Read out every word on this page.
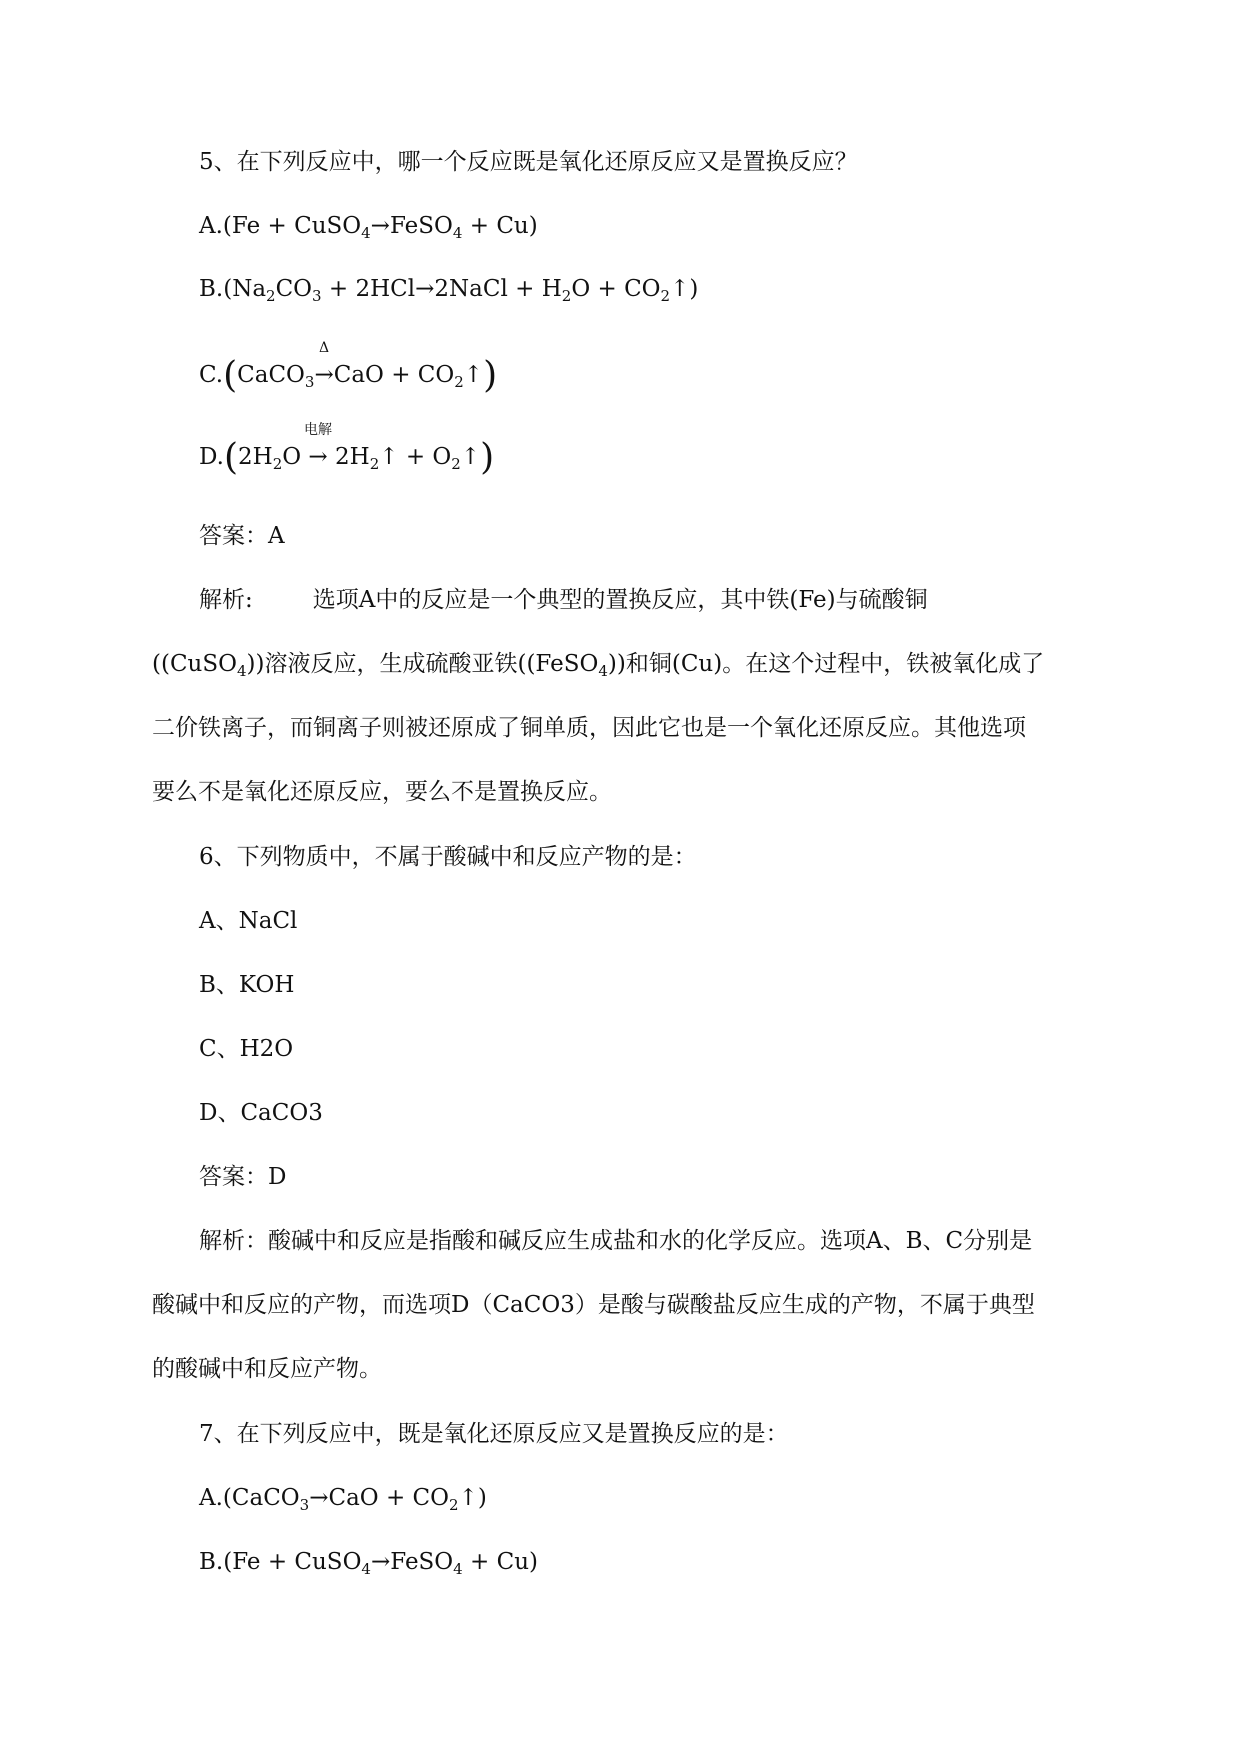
5、在下列反应中，哪一个反应既是氧化还原反应又是置换反应？
A.(Fe + CuSO$_4$→FeSO$_4$ + Cu)
$B.(Na_2CO_3$ + 2HCl→2NaCl + $H_2O$ + $CO_2↑$)
C.(CaCO$_3$
Δ
$\to CaO + CO_2↑$)
$D.(2H_2O$
电解
→ $2H_2↑$ + $O_2↑$)
答案：A
解析:	选项A中的反应是一个典型的置换反应，其中铁(Fe)与硫酸铜
((CuSO$_4$))溶液反应，生成硫酸亚铁((FeSO$_4$))和铜(Cu)。在这个过程中，铁被氧化成了
二价铁离子，而铜离子则被还原成了铜单质，因此它也是一个氧化还原反应。其他选项
要么不是氧化还原反应，要么不是置换反应。
6、下列物质中，不属于酸碱中和反应产物的是：
A、NaCl
B、KOH
C、H2O
D、CaCO3
答案：D
解析：酸碱中和反应是指酸和碱反应生成盐和水的化学反应。选项A、B、C分别是
酸碱中和反应的产物，而选项D（CaCO3）是酸与碳酸盐反应生成的产物，不属于典型
的酸碱中和反应产物。
7、在下列反应中，既是氧化还原反应又是置换反应的是：
A.(CaCO$_3$→CaO + $CO_2↑$)
B.(Fe + CuSO$_4$→FeSO$_4$ + Cu)
